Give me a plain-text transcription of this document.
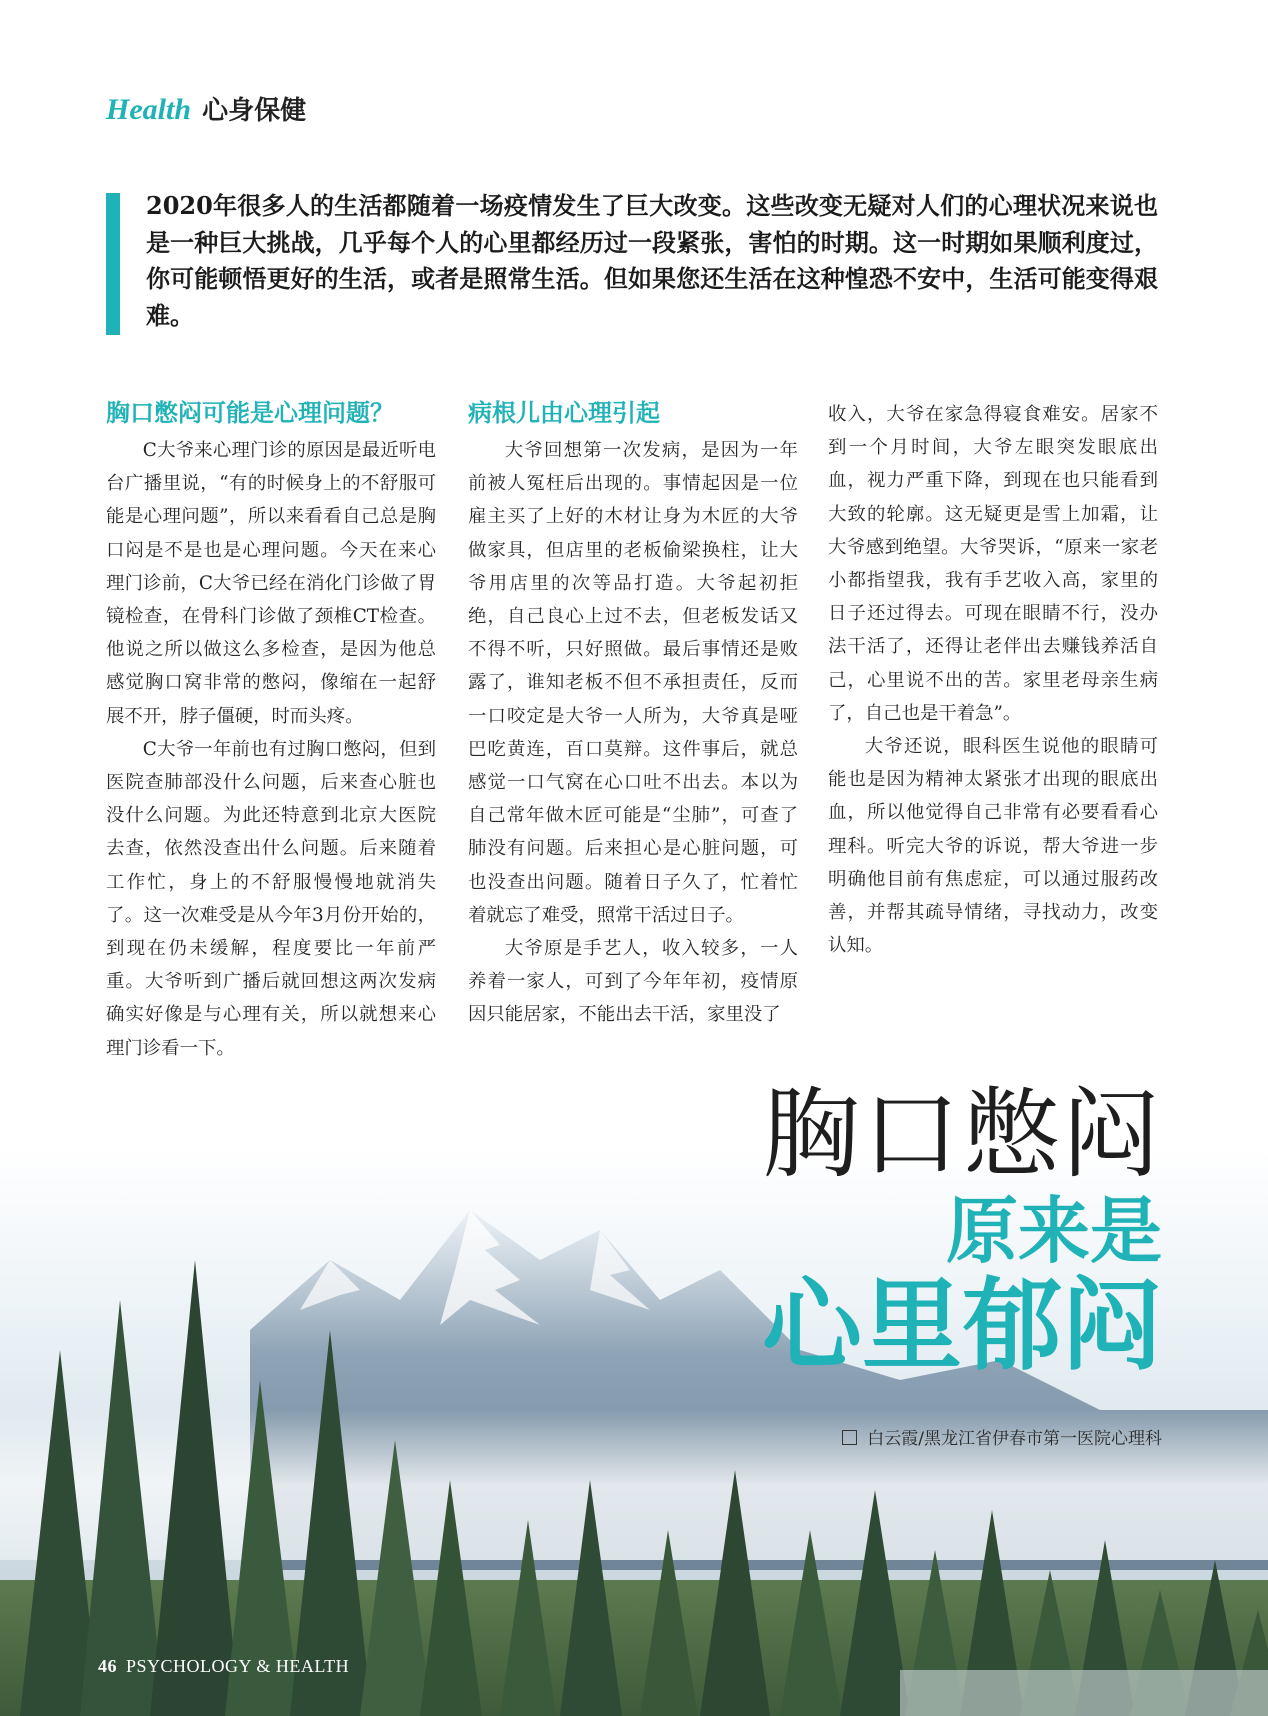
Health 心身保健
2020年很多人的生活都随着一场疫情发生了巨大改变。这些改变无疑对人们的心理状况来说也是一种巨大挑战，几乎每个人的心里都经历过一段紧张，害怕的时期。这一时期如果顺利度过，你可能顿悟更好的生活，或者是照常生活。但如果您还生活在这种惶恐不安中，生活可能变得艰难。
胸口憋闷可能是心理问题？

C大爷来心理门诊的原因是最近听电台广播里说，“有的时候身上的不舒服可能是心理问题”，所以来看看自己总是胸口闷是不是也是心理问题。今天在来心理门诊前，C大爷已经在消化门诊做了胃镜检查，在骨科门诊做了颈椎CT检查。他说之所以做这么多检查，是因为他总感觉胸口窝非常的憋闷，像缩在一起舒展不开，脖子僵硬，时而头疼。

C大爷一年前也有过胸口憋闷，但到医院查肺部没什么问题，后来查心脏也没什么问题。为此还特意到北京大医院去查，依然没查出什么问题。后来随着工作忙，身上的不舒服慢慢地就消失了。这一次难受是从今年3月份开始的，到现在仍未缓解，程度要比一年前严重。大爷听到广播后就回想这两次发病确实好像是与心理有关，所以就想来心理门诊看一下。

病根儿由心理引起

大爷回想第一次发病，是因为一年前被人冤枉后出现的。事情起因是一位雇主买了上好的木材让身为木匠的大爷做家具，但店里的老板偷梁换柱，让大爷用店里的次等品打造。大爷起初拒绝，自己良心上过不去，但老板发话又不得不听，只好照做。最后事情还是败露了，谁知老板不但不承担责任，反而一口咬定是大爷一人所为，大爷真是哑巴吃黄连，百口莫辩。这件事后，就总感觉一口气窝在心口吐不出去。本以为自己常年做木匠可能是“尘肺”，可查了肺没有问题。后来担心是心脏问题，可也没查出问题。随着日子久了，忙着忙着就忘了难受，照常干活过日子。

大爷原是手艺人，收入较多，一人养着一家人，可到了今年年初，疫情原因只能居家，不能出去干活，家里没了

收入，大爷在家急得寝食难安。居家不到一个月时间，大爷左眼突发眼底出血，视力严重下降，到现在也只能看到大致的轮廓。这无疑更是雪上加霜，让大爷感到绝望。大爷哭诉，“原来一家老小都指望我，我有手艺收入高，家里的日子还过得去。可现在眼睛不行，没办法干活了，还得让老伴出去赚钱养活自己，心里说不出的苦。家里老母亲生病了，自己也是干着急”。

大爷还说，眼科医生说他的眼睛可能也是因为精神太紧张才出现的眼底出血，所以他觉得自己非常有必要看看心理科。听完大爷的诉说，帮大爷进一步明确他目前有焦虑症，可以通过服药改善，并帮其疏导情绪，寻找动力，改变认知。

胸口憋闷
原来是
心里郁闷
白云霞/黑龙江省伊春市第一医院心理科
46 PSYCHOLOGY & HEALTH
